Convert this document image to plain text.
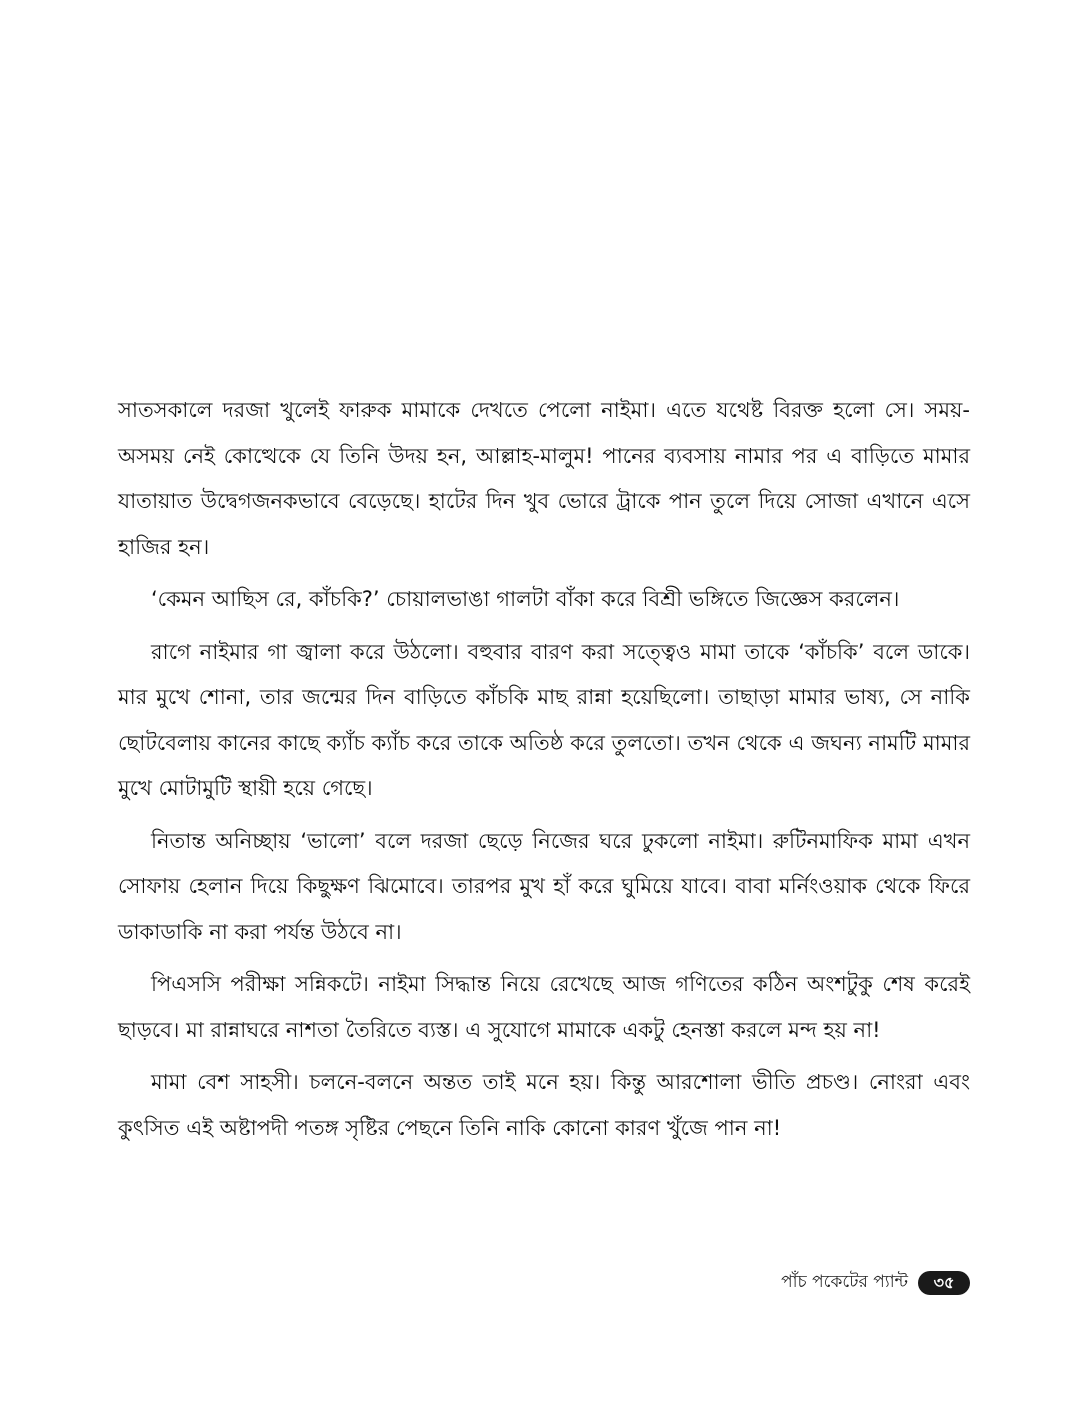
সাতসকালে দরজা খুলেই ফারুক মামাকে দেখতে পেলো নাইমা। এতে যথেষ্ট বিরক্ত হলো সে। সময়-অসময় নেই কোত্থেকে যে তিনি উদয় হন, আল্লাহ-মালুম! পানের ব্যবসায় নামার পর এ বাড়িতে মামার যাতায়াত উদ্বেগজনকভাবে বেড়েছে। হাটের দিন খুব ভোরে ট্রাকে পান তুলে দিয়ে সোজা এখানে এসে হাজির হন।

‘কেমন আছিস রে, কাঁচকি?’ চোয়ালভাঙা গালটা বাঁকা করে বিশ্রী ভঙ্গিতে জিজ্ঞেস করলেন।

রাগে নাইমার গা জ্বালা করে উঠলো। বহুবার বারণ করা সত্ত্বেও মামা তাকে ‘কাঁচকি’ বলে ডাকে। মার মুখে শোনা, তার জন্মের দিন বাড়িতে কাঁচকি মাছ রান্না হয়েছিলো। তাছাড়া মামার ভাষ্য, সে নাকি ছোটবেলায় কানের কাছে ক্যাঁচ ক্যাঁচ করে তাকে অতিষ্ঠ করে তুলতো। তখন থেকে এ জঘন্য নামটি মামার মুখে মোটামুটি স্থায়ী হয়ে গেছে।

নিতান্ত অনিচ্ছায় ‘ভালো’ বলে দরজা ছেড়ে নিজের ঘরে ঢুকলো নাইমা। রুটিনমাফিক মামা এখন সোফায় হেলান দিয়ে কিছুক্ষণ ঝিমোবে। তারপর মুখ হাঁ করে ঘুমিয়ে যাবে। বাবা মর্নিংওয়াক থেকে ফিরে ডাকাডাকি না করা পর্যন্ত উঠবে না।

পিএসসি পরীক্ষা সন্নিকটে। নাইমা সিদ্ধান্ত নিয়ে রেখেছে আজ গণিতের কঠিন অংশটুকু শেষ করেই ছাড়বে। মা রান্নাঘরে নাশতা তৈরিতে ব্যস্ত। এ সুযোগে মামাকে একটু হেনস্তা করলে মন্দ হয় না!

মামা বেশ সাহসী। চলনে-বলনে অন্তত তাই মনে হয়। কিন্তু আরশোলা ভীতি প্রচণ্ড। নোংরা এবং কুৎসিত এই অষ্টাপদী পতঙ্গ সৃষ্টির পেছনে তিনি নাকি কোনো কারণ খুঁজে পান না!

পাঁচ পকেটের প্যান্ট	৩৫
